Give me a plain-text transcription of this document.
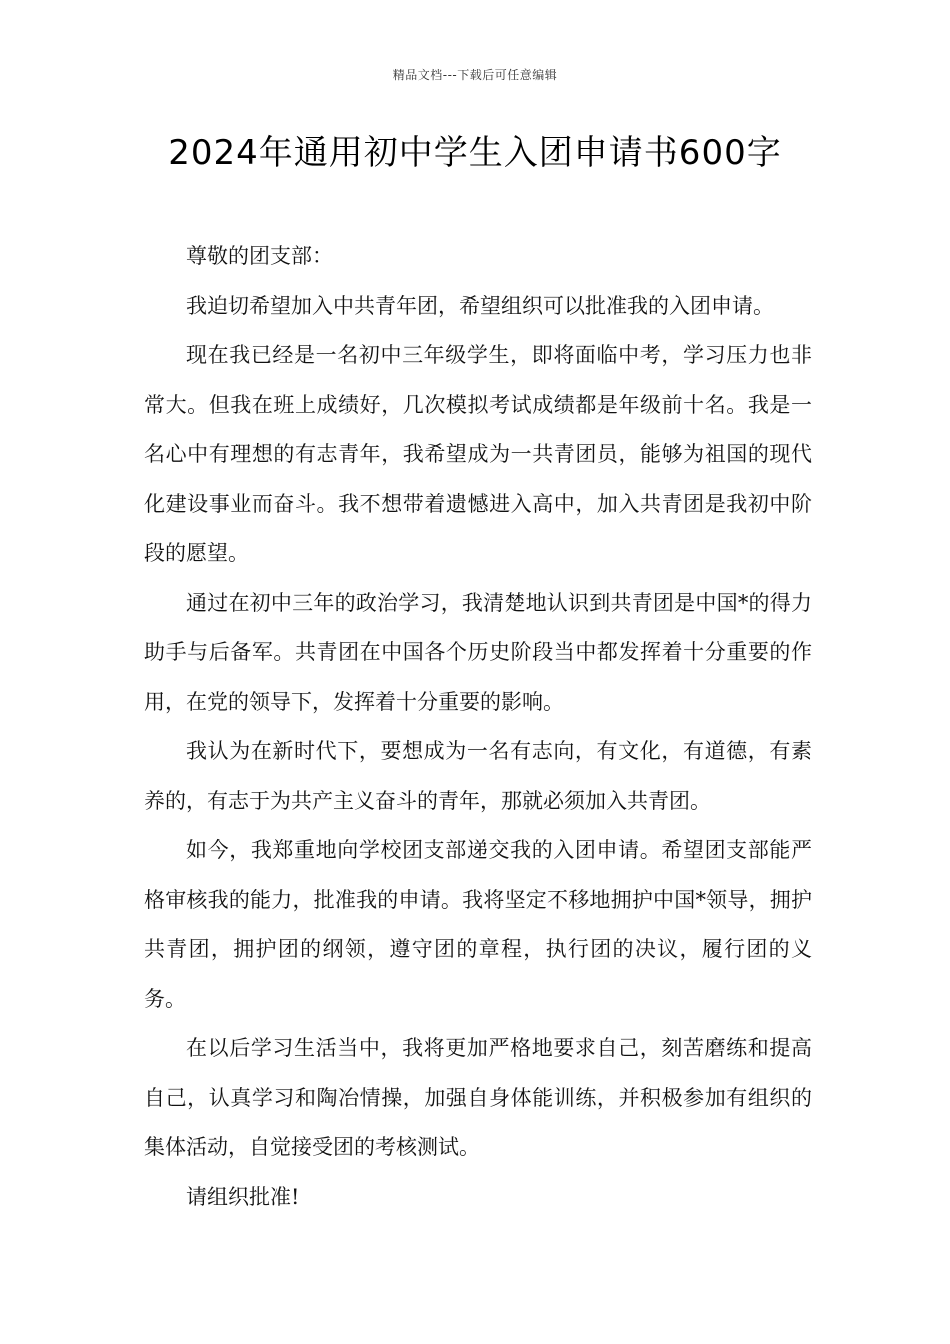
精品文档---下载后可任意编辑
2024年通用初中学生入团申请书600字

尊敬的团支部：

我迫切希望加入中共青年团，希望组织可以批准我的入团申请。

现在我已经是一名初中三年级学生，即将面临中考，学习压力也非常大。但我在班上成绩好，几次模拟考试成绩都是年级前十名。我是一名心中有理想的有志青年，我希望成为一共青团员，能够为祖国的现代化建设事业而奋斗。我不想带着遗憾进入高中，加入共青团是我初中阶段的愿望。

通过在初中三年的政治学习，我清楚地认识到共青团是中国*的得力助手与后备军。共青团在中国各个历史阶段当中都发挥着十分重要的作用，在党的领导下，发挥着十分重要的影响。

我认为在新时代下，要想成为一名有志向，有文化，有道德，有素养的，有志于为共产主义奋斗的青年，那就必须加入共青团。

如今，我郑重地向学校团支部递交我的入团申请。希望团支部能严格审核我的能力，批准我的申请。我将坚定不移地拥护中国*领导，拥护共青团，拥护团的纲领，遵守团的章程，执行团的决议，履行团的义务。

在以后学习生活当中，我将更加严格地要求自己，刻苦磨练和提高自己，认真学习和陶冶情操，加强自身体能训练，并积极参加有组织的集体活动，自觉接受团的考核测试。

请组织批准!
